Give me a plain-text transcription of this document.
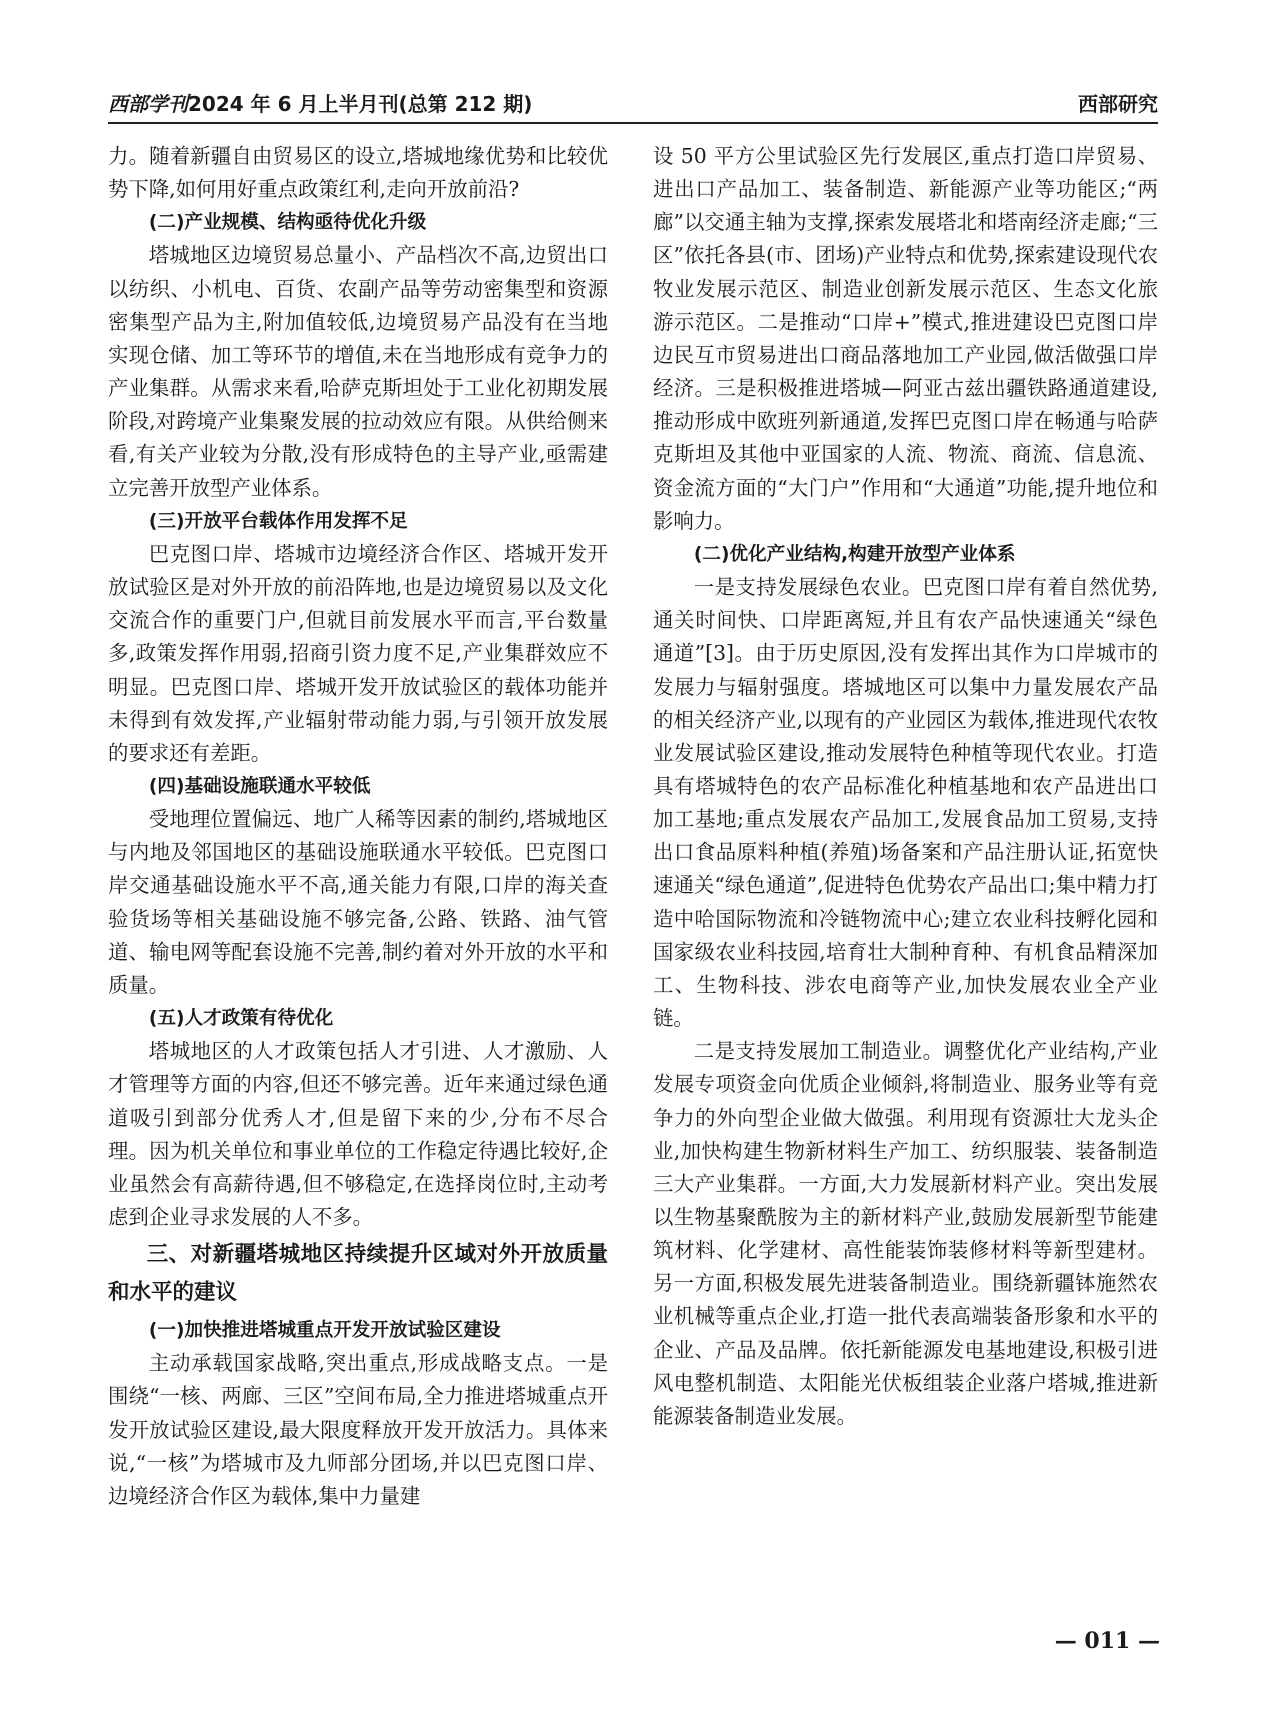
西部学刊2024 年 6 月上半月刊(总第 212 期)	西部研究

力。随着新疆自由贸易区的设立,塔城地缘优势和比较优势下降,如何用好重点政策红利,走向开放前沿?

(二)产业规模、结构亟待优化升级

塔城地区边境贸易总量小、产品档次不高,边贸出口以纺织、小机电、百货、农副产品等劳动密集型和资源密集型产品为主,附加值较低,边境贸易产品没有在当地实现仓储、加工等环节的增值,未在当地形成有竞争力的产业集群。从需求来看,哈萨克斯坦处于工业化初期发展阶段,对跨境产业集聚发展的拉动效应有限。从供给侧来看,有关产业较为分散,没有形成特色的主导产业,亟需建立完善开放型产业体系。

(三)开放平台载体作用发挥不足

巴克图口岸、塔城市边境经济合作区、塔城开发开放试验区是对外开放的前沿阵地,也是边境贸易以及文化交流合作的重要门户,但就目前发展水平而言,平台数量多,政策发挥作用弱,招商引资力度不足,产业集群效应不明显。巴克图口岸、塔城开发开放试验区的载体功能并未得到有效发挥,产业辐射带动能力弱,与引领开放发展的要求还有差距。

(四)基础设施联通水平较低

受地理位置偏远、地广人稀等因素的制约,塔城地区与内地及邻国地区的基础设施联通水平较低。巴克图口岸交通基础设施水平不高,通关能力有限,口岸的海关查验货场等相关基础设施不够完备,公路、铁路、油气管道、输电网等配套设施不完善,制约着对外开放的水平和质量。

(五)人才政策有待优化

塔城地区的人才政策包括人才引进、人才激励、人才管理等方面的内容,但还不够完善。近年来通过绿色通道吸引到部分优秀人才,但是留下来的少,分布不尽合理。因为机关单位和事业单位的工作稳定待遇比较好,企业虽然会有高薪待遇,但不够稳定,在选择岗位时,主动考虑到企业寻求发展的人不多。

三、对新疆塔城地区持续提升区域对外开放质量和水平的建议
(一)加快推进塔城重点开发开放试验区建设

主动承载国家战略,突出重点,形成战略支点。一是围绕“一核、两廊、三区”空间布局,全力推进塔城重点开发开放试验区建设,最大限度释放开发开放活力。具体来说,“一核”为塔城市及九师部分团场,并以巴克图口岸、边境经济合作区为载体,集中力量建

设 50 平方公里试验区先行发展区,重点打造口岸贸易、进出口产品加工、装备制造、新能源产业等功能区;“两廊”以交通主轴为支撑,探索发展塔北和塔南经济走廊;“三区”依托各县(市、团场)产业特点和优势,探索建设现代农牧业发展示范区、制造业创新发展示范区、生态文化旅游示范区。二是推动“口岸+”模式,推进建设巴克图口岸边民互市贸易进出口商品落地加工产业园,做活做强口岸经济。三是积极推进塔城—阿亚古兹出疆铁路通道建设,推动形成中欧班列新通道,发挥巴克图口岸在畅通与哈萨克斯坦及其他中亚国家的人流、物流、商流、信息流、资金流方面的“大门户”作用和“大通道”功能,提升地位和影响力。

(二)优化产业结构,构建开放型产业体系

一是支持发展绿色农业。巴克图口岸有着自然优势,通关时间快、口岸距离短,并且有农产品快速通关“绿色通道”[3]。由于历史原因,没有发挥出其作为口岸城市的发展力与辐射强度。塔城地区可以集中力量发展农产品的相关经济产业,以现有的产业园区为载体,推进现代农牧业发展试验区建设,推动发展特色种植等现代农业。打造具有塔城特色的农产品标准化种植基地和农产品进出口加工基地;重点发展农产品加工,发展食品加工贸易,支持出口食品原料种植(养殖)场备案和产品注册认证,拓宽快速通关“绿色通道”,促进特色优势农产品出口;集中精力打造中哈国际物流和冷链物流中心;建立农业科技孵化园和国家级农业科技园,培育壮大制种育种、有机食品精深加工、生物科技、涉农电商等产业,加快发展农业全产业链。

二是支持发展加工制造业。调整优化产业结构,产业发展专项资金向优质企业倾斜,将制造业、服务业等有竞争力的外向型企业做大做强。利用现有资源壮大龙头企业,加快构建生物新材料生产加工、纺织服装、装备制造三大产业集群。一方面,大力发展新材料产业。突出发展以生物基聚酰胺为主的新材料产业,鼓励发展新型节能建筑材料、化学建材、高性能装饰装修材料等新型建材。另一方面,积极发展先进装备制造业。围绕新疆钵施然农业机械等重点企业,打造一批代表高端装备形象和水平的企业、产品及品牌。依托新能源发电基地建设,积极引进风电整机制造、太阳能光伏板组装企业落户塔城,推进新能源装备制造业发展。

— 011 —
